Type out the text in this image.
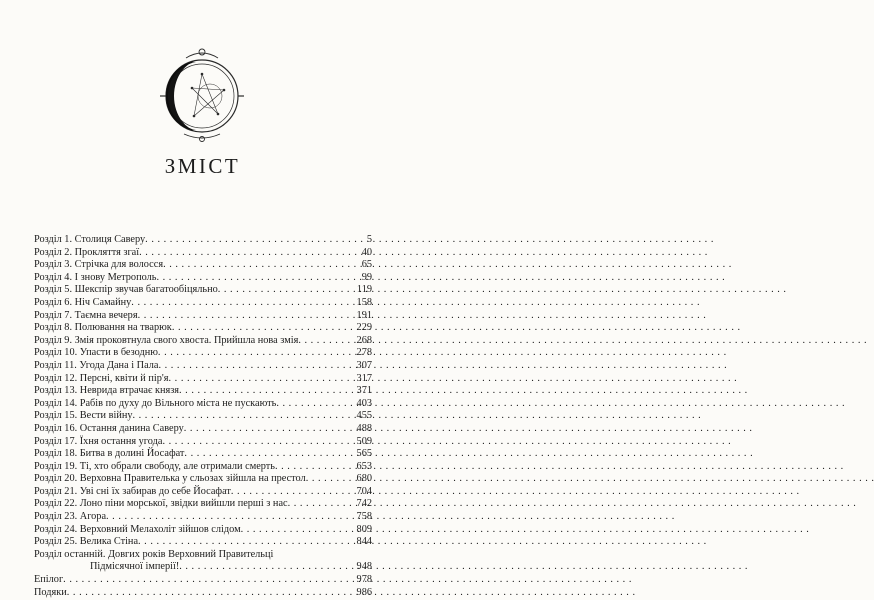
ЗМІСТ
Розділ 1. Столиця Саверу . . .	5
Розділ 2. Прокляття згаї . . .	40
Розділ 3. Стрічка для волосся . . .	65
Розділ 4. І знову Метрополь . . .	99
Розділ 5. Шекспір звучав багатообіцяльно . . .	119
Розділ 6. Ніч Самайну . . .	158
Розділ 7. Таємна вечеря . . .	191
Розділ 8. Полювання на тварюк . . .	229
Розділ 9. Змія проковтнула свого хвоста. Прийшла нова змія . . .	268
Розділ 10. Упасти в безодню . . .	278
Розділ 11. Угода Дана і Пала . . .	307
Розділ 12. Персні, квіти й пір'я . . .	317
Розділ 13. Неврида втрачає князя . . .	371
Розділ 14. Рабів по духу до Вільного міста не пускають . . .	403
Розділ 15. Вести війну . . .	455
Розділ 16. Остання данина Саверу . . .	488
Розділ 17. Їхня остання угода . . .	509
Розділ 18. Битва в долині Йосафат . . .	565
Розділ 19. Ті, хто обрали свободу, але отримали смерть . . .	653
Розділ 20. Верховна Правителька у сльозах зійшла на престол . . .	680
Розділ 21. Уві сні їх забирав до себе Йосафат . . .	704
Розділ 22. Лоно піни морської, звідки вийшли перші з нас . . .	742
Розділ 23. Агора . . .	758
Розділ 24. Верховний Мелахоліт зійшов слідом . . .	809
Розділ 25. Велика Стіна . . .	844
Розділ останній. Довгих років Верховний Правительці
Підмісячної імперії! . . .	948
Епілог . . .	978
Подяки . . .	986
